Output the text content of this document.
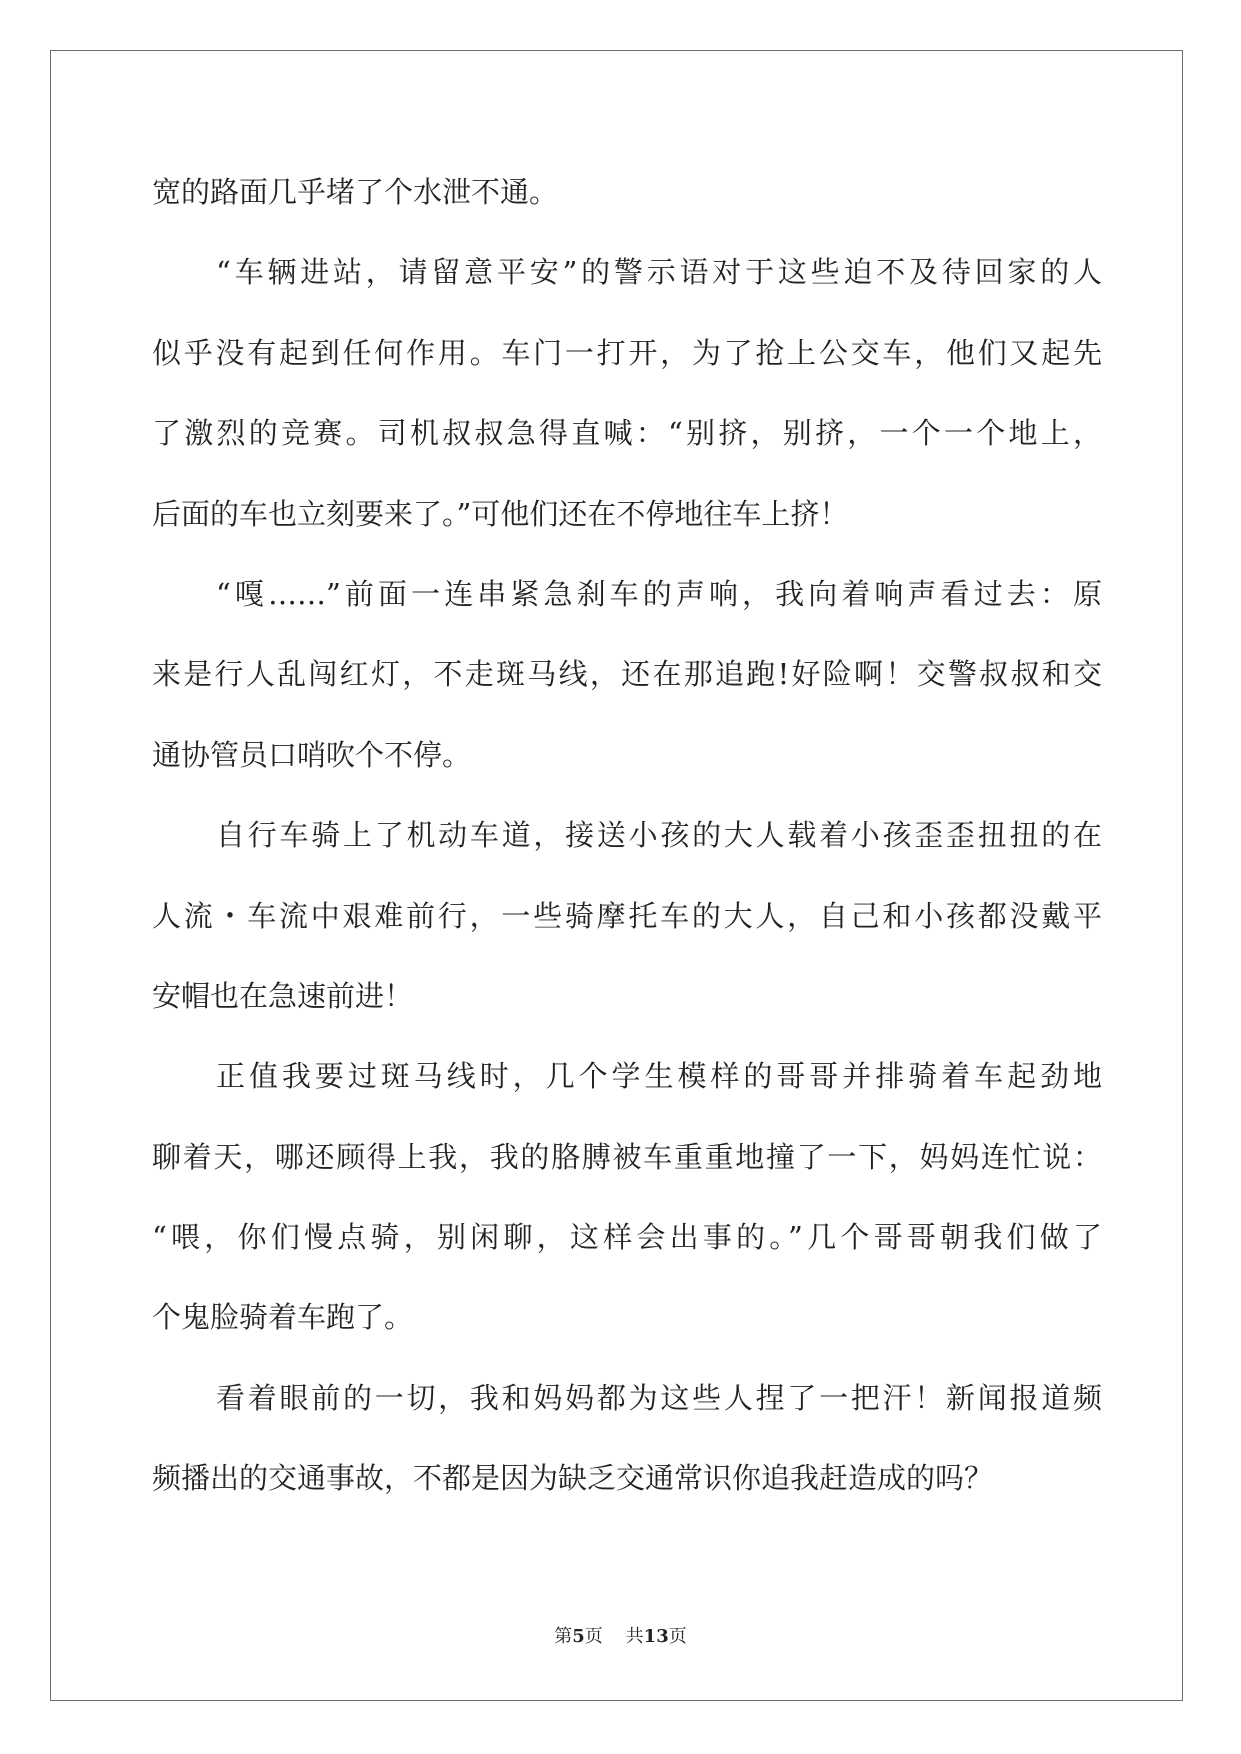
宽的路面几乎堵了个水泄不通。
“车辆进站，请留意平安”的警示语对于这些迫不及待回家的人
似乎没有起到任何作用。车门一打开，为了抢上公交车，他们又起先
了激烈的竞赛。司机叔叔急得直喊：“别挤，别挤，一个一个地上，
后面的车也立刻要来了。”可他们还在不停地往车上挤！
“嘎……”前面一连串紧急刹车的声响，我向着响声看过去：原
来是行人乱闯红灯，不走斑马线，还在那追跑!好险啊！交警叔叔和交
通协管员口哨吹个不停。
自行车骑上了机动车道，接送小孩的大人载着小孩歪歪扭扭的在
人流・车流中艰难前行，一些骑摩托车的大人，自己和小孩都没戴平
安帽也在急速前进！
正值我要过斑马线时，几个学生模样的哥哥并排骑着车起劲地
聊着天，哪还顾得上我，我的胳膊被车重重地撞了一下，妈妈连忙说：
“喂，你们慢点骑，别闲聊，这样会出事的。”几个哥哥朝我们做了
个鬼脸骑着车跑了。
看着眼前的一切，我和妈妈都为这些人捏了一把汗！新闻报道频
频播出的交通事故，不都是因为缺乏交通常识你追我赶造成的吗？
第5页 共13页
